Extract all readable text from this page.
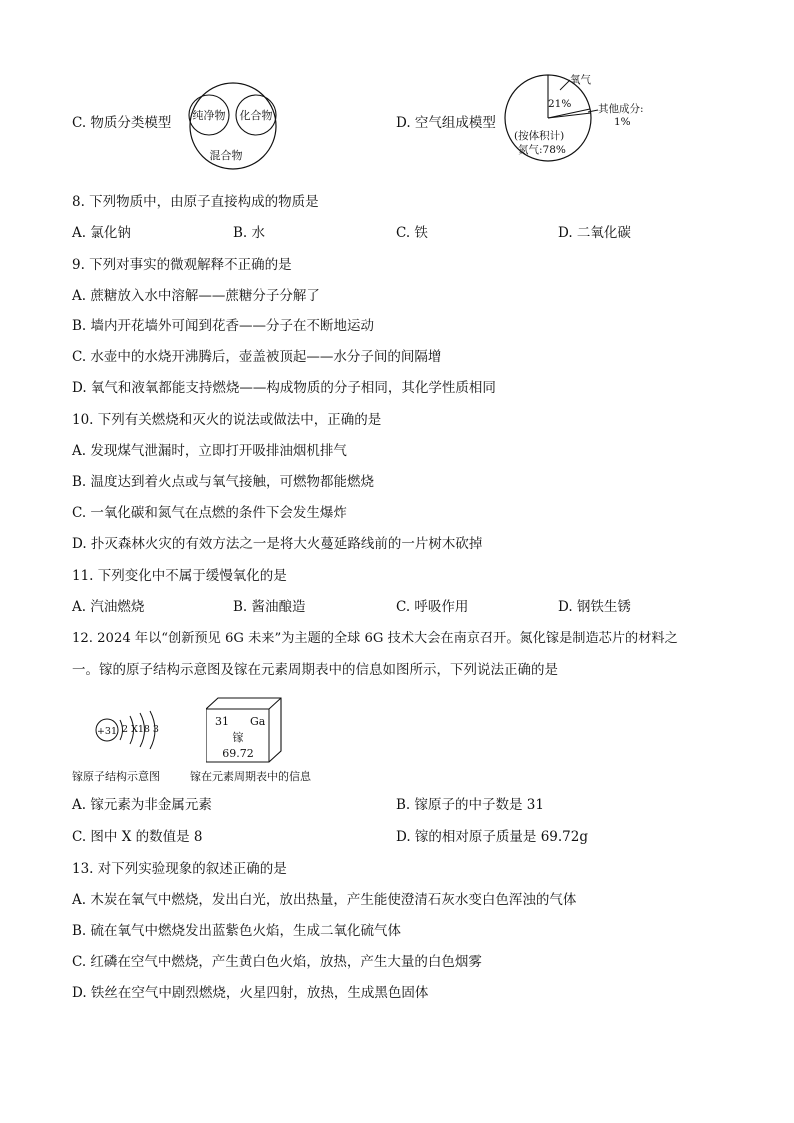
C. 物质分类模型 纯净物 化合物
混合物
D. 空气组成模型
氧气
21%	其他成分:
1%
(按体积计)
氮气:78%
8. 下列物质中，由原子直接构成的物质是
A. 氯化钠	B. 水	C. 铁	D. 二氧化碳
9. 下列对事实的微观解释不正确的是
A. 蔗糖放入水中溶解——蔗糖分子分解了
B. 墙内开花墙外可闻到花香——分子在不断地运动
C. 水壶中的水烧开沸腾后，壶盖被顶起——水分子间的间隔增
D. 氧气和液氧都能支持燃烧——构成物质的分子相同，其化学性质相同
10. 下列有关燃烧和灭火的说法或做法中，正确的是
A. 发现煤气泄漏时，立即打开吸排油烟机排气
B. 温度达到着火点或与氧气接触，可燃物都能燃烧
C. 一氧化碳和氮气在点燃的条件下会发生爆炸
D. 扑灭森林火灾的有效方法之一是将大火蔓延路线前的一片树木砍掉
11. 下列变化中不属于缓慢氧化的是
A. 汽油燃烧	B. 酱油酿造	C. 呼吸作用	D. 钢铁生锈
12. 2024 年以“创新预见 6G 未来”为主题的全球 6G 技术大会在南京召开。氮化镓是制造芯片的材料之
一。镓的原子结构示意图及镓在元素周期表中的信息如图所示，下列说法正确的是
+31 2 X18 3
镓原子结构示意图
31 Ga
镓
69.72
镓在元素周期表中的信息
A. 镓元素为非金属元素	B. 镓原子的中子数是 31
C. 图中 X 的数值是 8	D. 镓的相对原子质量是 69.72g
13. 对下列实验现象的叙述正确的是
A. 木炭在氧气中燃烧，发出白光，放出热量，产生能使澄清石灰水变白色浑浊的气体
B. 硫在氧气中燃烧发出蓝紫色火焰，生成二氧化硫气体
C. 红磷在空气中燃烧，产生黄白色火焰，放热，产生大量的白色烟雾
D. 铁丝在空气中剧烈燃烧，火星四射，放热，生成黑色固体
